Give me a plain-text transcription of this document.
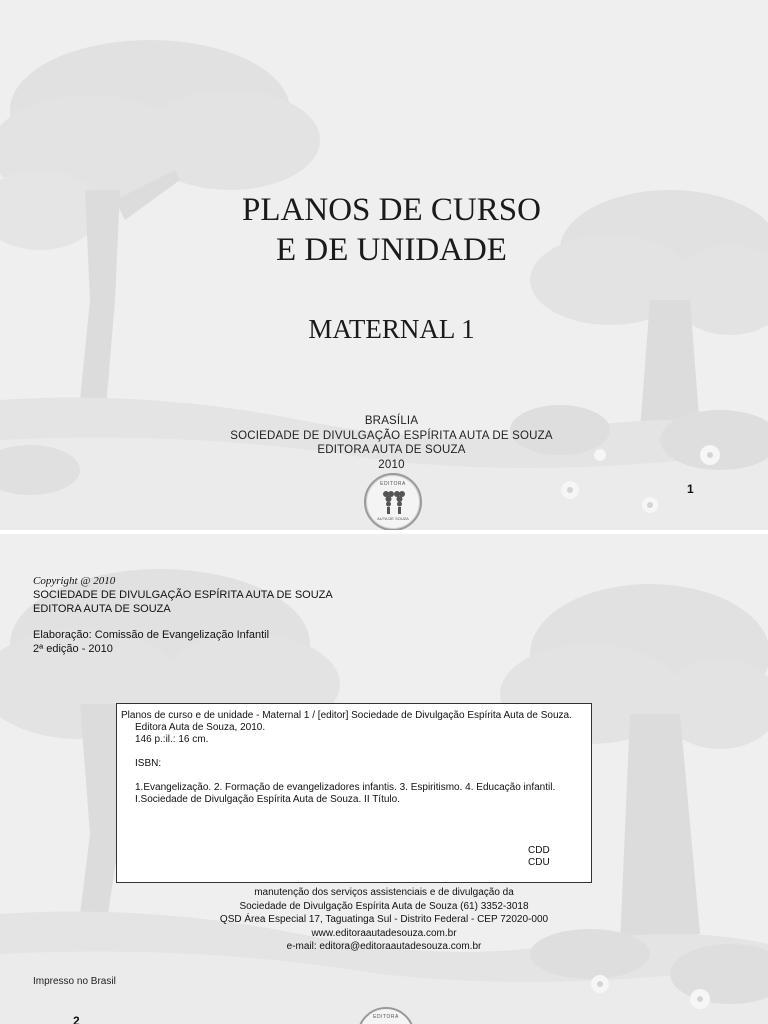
PLANOS DE CURSO
E DE UNIDADE
MATERNAL 1
BRASÍLIA
SOCIEDADE DE DIVULGAÇÃO ESPÍRITA AUTA DE SOUZA
EDITORA AUTA DE SOUZA
2010
EDITORA
AUTA DE SOUZA
1
Copyright @ 2010
SOCIEDADE DE DIVULGAÇÃO ESPÍRITA AUTA DE SOUZA
EDITORA AUTA DE SOUZA
Elaboração: Comissão de Evangelização Infantil
2ª edição - 2010
Planos de curso e de unidade - Maternal 1 / [editor] Sociedade de Divulgação Espírita Auta de Souza.
Editora Auta de Souza, 2010.
146 p.:il.: 16 cm.
ISBN:
1.Evangelização. 2. Formação de evangelizadores infantis. 3. Espiritismo. 4. Educação infantil.
I.Sociedade de Divulgação Espírita Auta de Souza. II Título.
CDD
CDU
manutenção dos serviços assistenciais e de divulgação da
Sociedade de Divulgação Espírita Auta de Souza (61) 3352-3018
QSD Área Especial 17, Taguatinga Sul - Distrito Federal - CEP 72020-000
www.editoraautadesouza.com.br
e-mail: editora@editoraautadesouza.com.br
Impresso no Brasil
EDITORA
2
